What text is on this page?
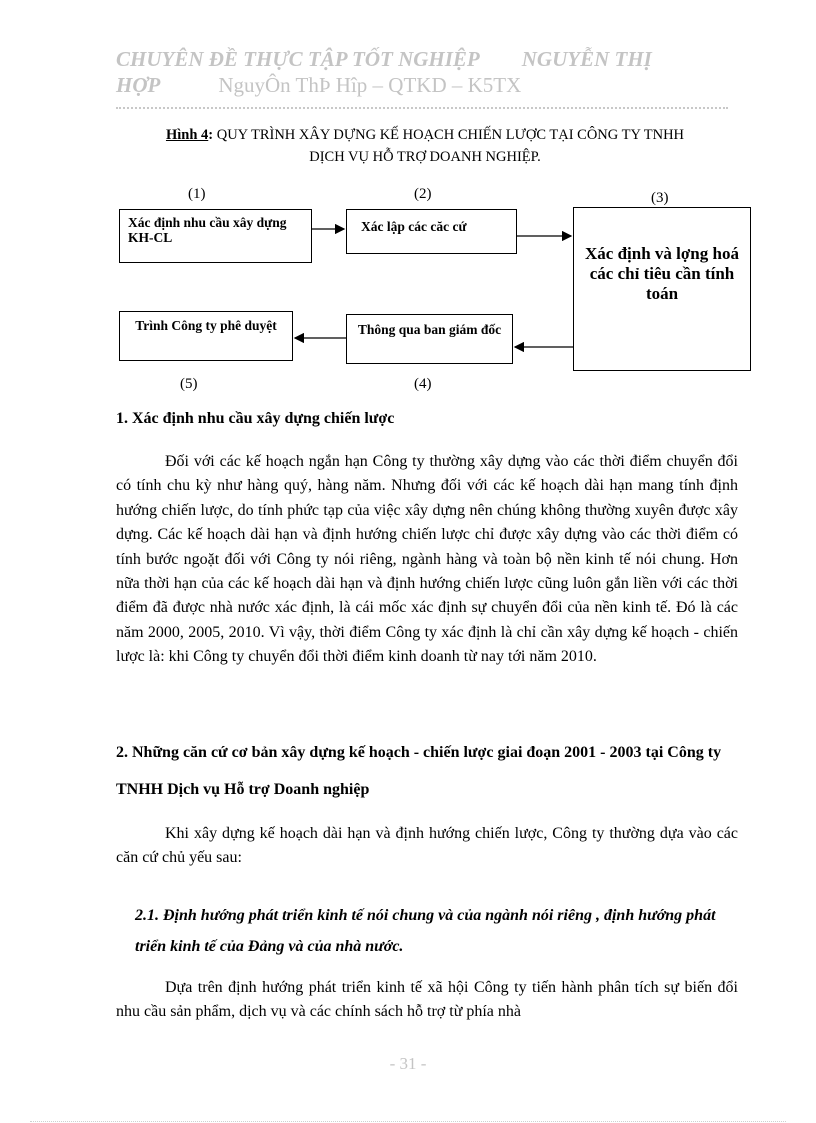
CHUYÊN ĐỀ THỰC TẬP TỐT NGHIỆP NGUYỄN THỊ
HỢP	NguyÔn ThÞ Hîp – QTKD – K5TX
Hình 4: QUY TRÌNH XÂY DỰNG KẾ HOẠCH CHIẾN LƯỢC TẠI CÔNG TY TNHH
DỊCH VỤ HỖ TRỢ DOANH NGHIỆP.
(1)	(2)	(3)
(4)
(5)
Xác định nhu cầu xây dựng KH-CL
Xác lập các căc cứ
Xác định và lợng hoá các chỉ tiêu cần tính toán
Thông qua ban giám đốc
Trình Công ty phê duyệt
1. Xác định nhu cầu xây dựng chiến lược
Đối với các kế hoạch ngắn hạn Công ty thường xây dựng vào các thời điểm chuyển đổi có tính chu kỳ như hàng quý, hàng năm. Nhưng đối với các kế hoạch dài hạn mang tính định hướng chiến lược, do tính phức tạp của việc xây dựng nên chúng không thường xuyên được xây dựng. Các kế hoạch dài hạn và định hướng chiến lược chỉ được xây dựng vào các thời điểm có tính bước ngoặt đối với Công ty nói riêng, ngành hàng và toàn bộ nền kinh tế nói chung. Hơn nữa thời hạn của các kế hoạch dài hạn và định hướng chiến lược cũng luôn gắn liền với các thời điểm đã được nhà nước xác định, là cái mốc xác định sự chuyển đổi của nền kinh tế. Đó là các năm 2000, 2005, 2010. Vì vậy, thời điểm Công ty xác định là chỉ cần xây dựng kế hoạch - chiến lược là: khi Công ty chuyển đổi thời điểm kinh doanh từ nay tới năm 2010.
2. Những căn cứ cơ bản xây dựng kế hoạch - chiến lược giai đoạn 2001 - 2003 tại Công ty TNHH Dịch vụ Hỗ trợ Doanh nghiệp
Khi xây dựng kế hoạch dài hạn và định hướng chiến lược, Công ty thường dựa vào các căn cứ chủ yếu sau:
2.1. Định hướng phát triển kinh tế nói chung và của ngành nói riêng , định hướng phát triển kinh tế của Đảng và của nhà nước.
Dựa trên định hướng phát triển kinh tế xã hội Công ty tiến hành phân tích sự biến đổi nhu cầu sản phẩm, dịch vụ và các chính sách hỗ trợ từ phía nhà
- 31 -
